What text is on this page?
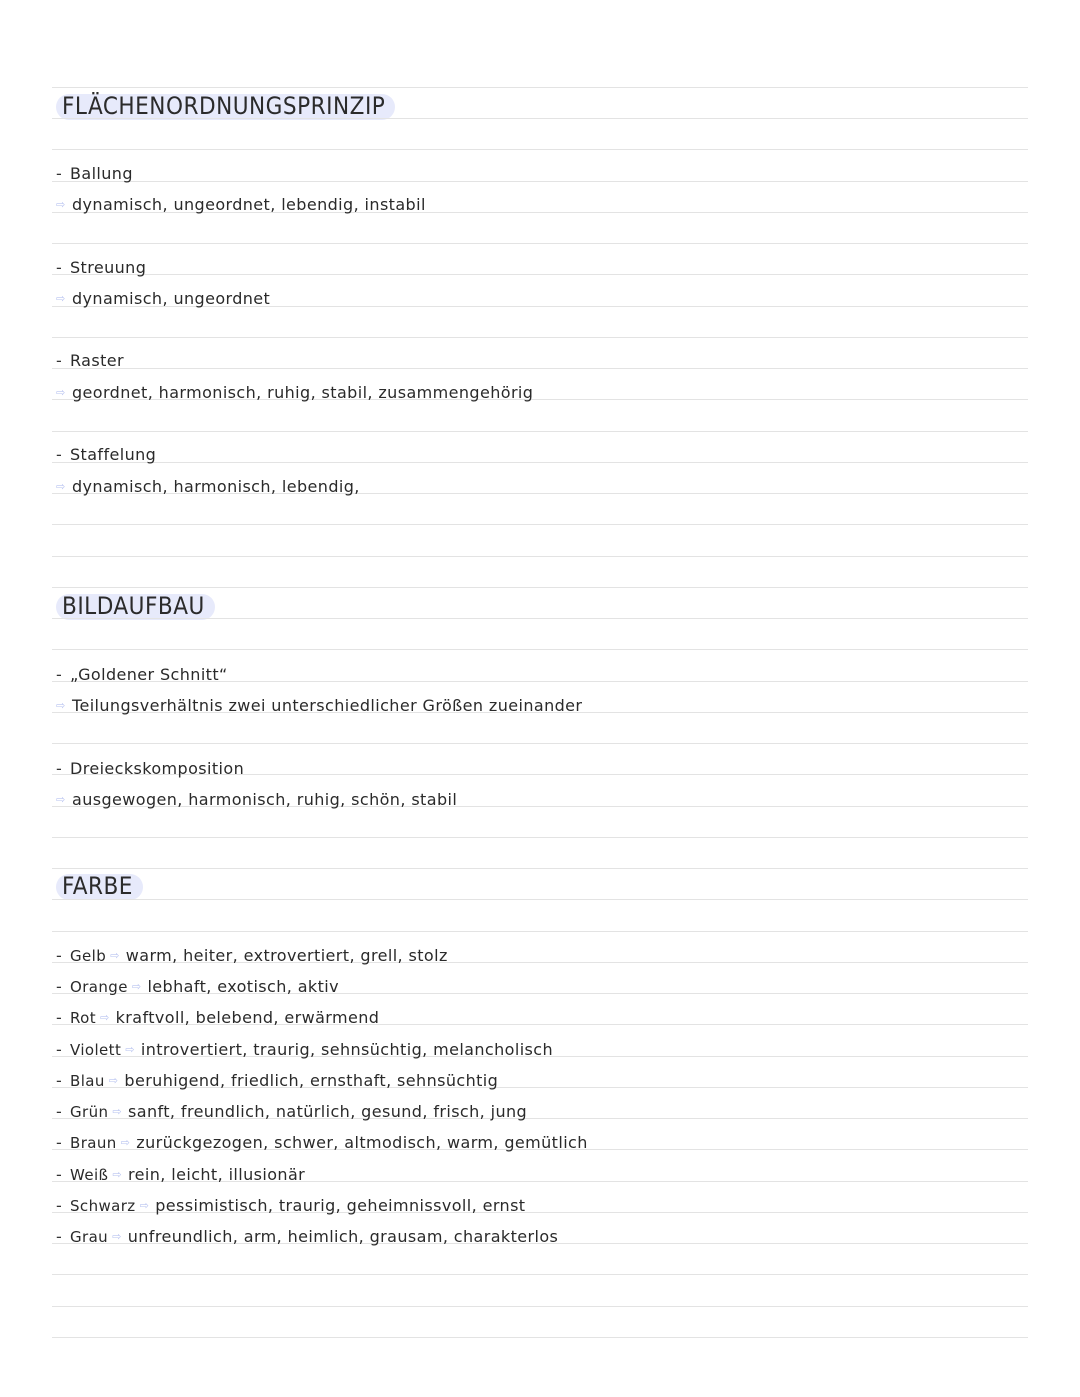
FLÄCHENORDNUNGSPRINZIP
- Ballung
⇨ dynamisch, ungeordnet, lebendig, instabil
- Streuung
⇨ dynamisch, ungeordnet
- Raster
⇨ geordnet, harmonisch, ruhig, stabil, zusammengehörig
- Staffelung
⇨ dynamisch, harmonisch, lebendig,
BILDAUFBAU
- „Goldener Schnitt“
⇨ Teilungsverhältnis zwei unterschiedlicher Größen zueinander
- Dreieckskomposition
⇨ ausgewogen, harmonisch, ruhig, schön, stabil
FARBE
- Gelb ⇨ warm, heiter, extrovertiert, grell, stolz
- Orange ⇨ lebhaft, exotisch, aktiv
- Rot ⇨ kraftvoll, belebend, erwärmend
- Violett ⇨ introvertiert, traurig, sehnsüchtig, melancholisch
- Blau ⇨ beruhigend, friedlich, ernsthaft, sehnsüchtig
- Grün ⇨ sanft, freundlich, natürlich, gesund, frisch, jung
- Braun ⇨ zurückgezogen, schwer, altmodisch, warm, gemütlich
- Weiß ⇨ rein, leicht, illusionär
- Schwarz ⇨ pessimistisch, traurig, geheimnissvoll, ernst
- Grau ⇨ unfreundlich, arm, heimlich, grausam, charakterlos
